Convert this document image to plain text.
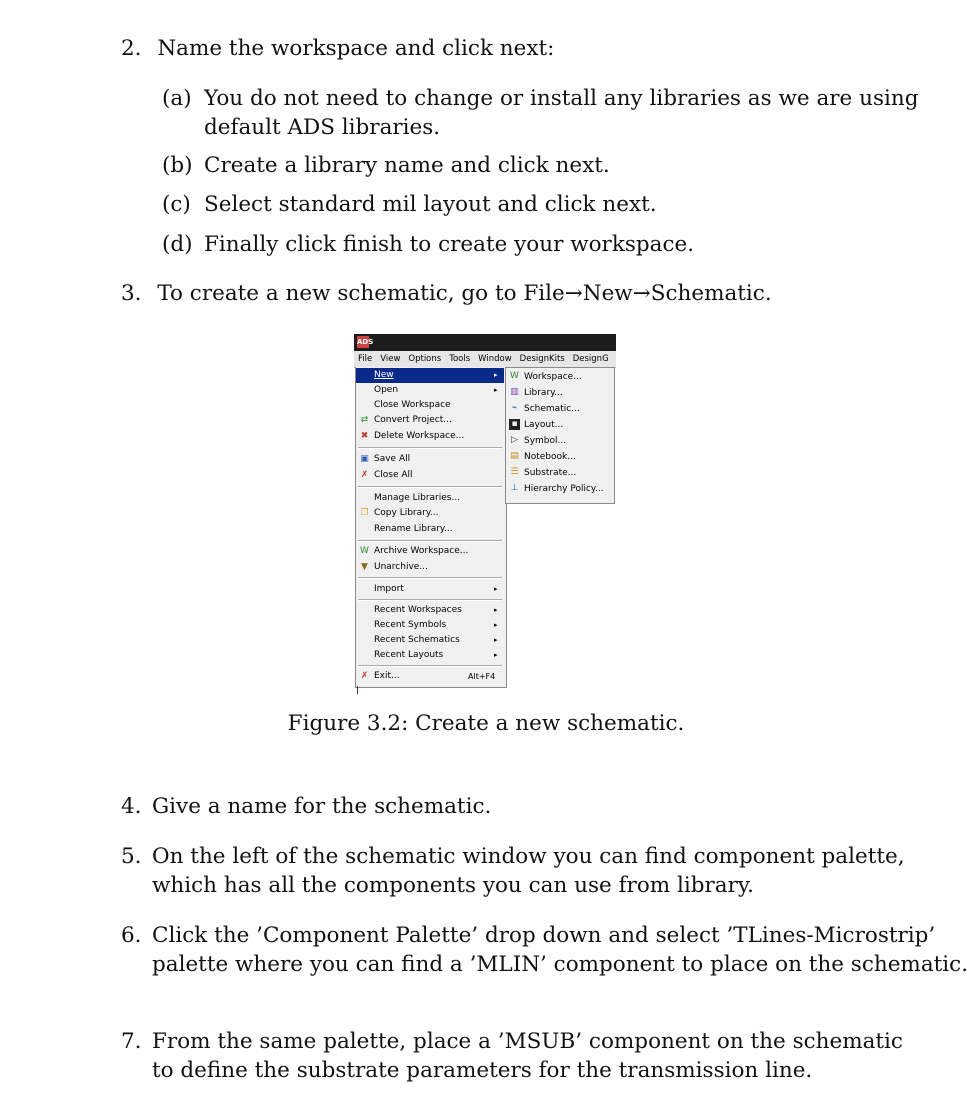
2. Name the workspace and click next:
(a) You do not need to change or install any libraries as we are using
default ADS libraries.
(b) Create a library name and click next.
(c) Select standard mil layout and click next.
(d) Finally click finish to create your workspace.
3. To create a new schematic, go to File→New→Schematic.
ADS
File View Options Tools Window DesignKits DesignG
New	▸
Open	▸
Close Workspace
⇄ Convert Project...
✖ Delete Workspace...
▣ Save All
✗ Close All
Manage Libraries...
❐ Copy Library...
Rename Library...
W Archive Workspace...
▼ Unarchive...
Import	▸
Recent Workspaces	▸
Recent Symbols	▸
Recent Schematics	▸
Recent Layouts	▸
✗ Exit...	Alt+F4
W Workspace...
▥ Library...
⌁ Schematic...
▪ Layout...
▷ Symbol...
▤ Notebook...
☰ Substrate...
⊥ Hierarchy Policy...
Figure 3.2: Create a new schematic.
4. Give a name for the schematic.
5. On the left of the schematic window you can find component palette,
which has all the components you can use from library.
6. Click the ’Component Palette’ drop down and select ’TLines-Microstrip’
palette where you can find a ’MLIN’ component to place on the schematic.
7. From the same palette, place a ’MSUB’ component on the schematic
to define the substrate parameters for the transmission line.
